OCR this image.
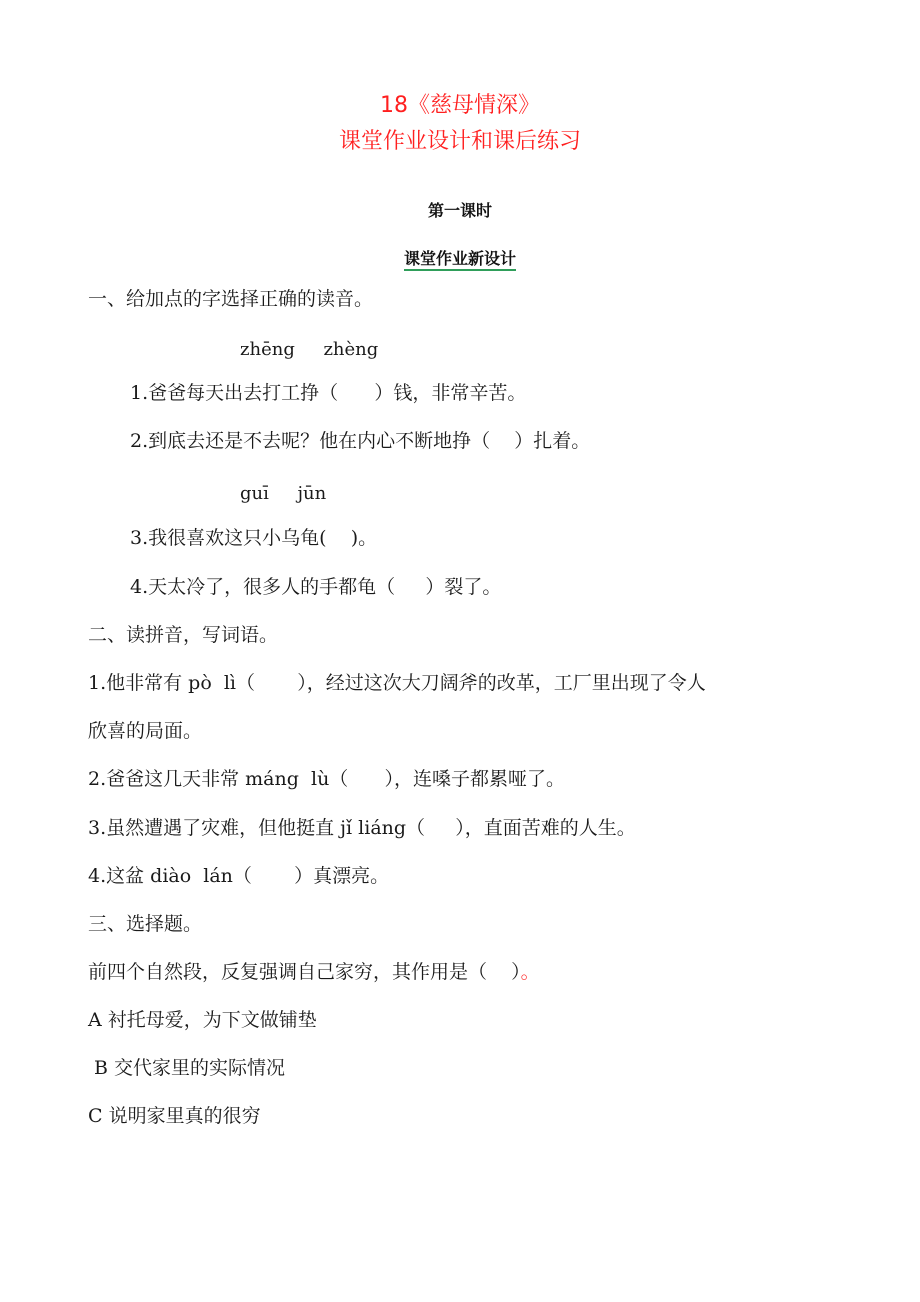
18《慈母情深》
课堂作业设计和课后练习
第一课时
课堂作业新设计
一、给加点的字选择正确的读音。
zhēng     zhèng
1.爸爸每天出去打工挣（      ）钱，非常辛苦。
2.到底去还是不去呢？他在内心不断地挣（    ）扎着。
guī     jūn
3.我很喜欢这只小乌龟(    )。
4.天太冷了，很多人的手都龟（     ）裂了。
二、读拼音，写词语。
1.他非常有 pò  lì（       ），经过这次大刀阔斧的改革，工厂里出现了令人
欣喜的局面。
2.爸爸这几天非常 máng  lù（      ），连嗓子都累哑了。
3.虽然遭遇了灾难，但他挺直 jǐ liáng（     ），直面苦难的人生。
4.这盆 diào  lán（       ）真漂亮。
三、选择题。
前四个自然段，反复强调自己家穷，其作用是（    ）。
A 衬托母爱，为下文做铺垫
B 交代家里的实际情况
C 说明家里真的很穷
